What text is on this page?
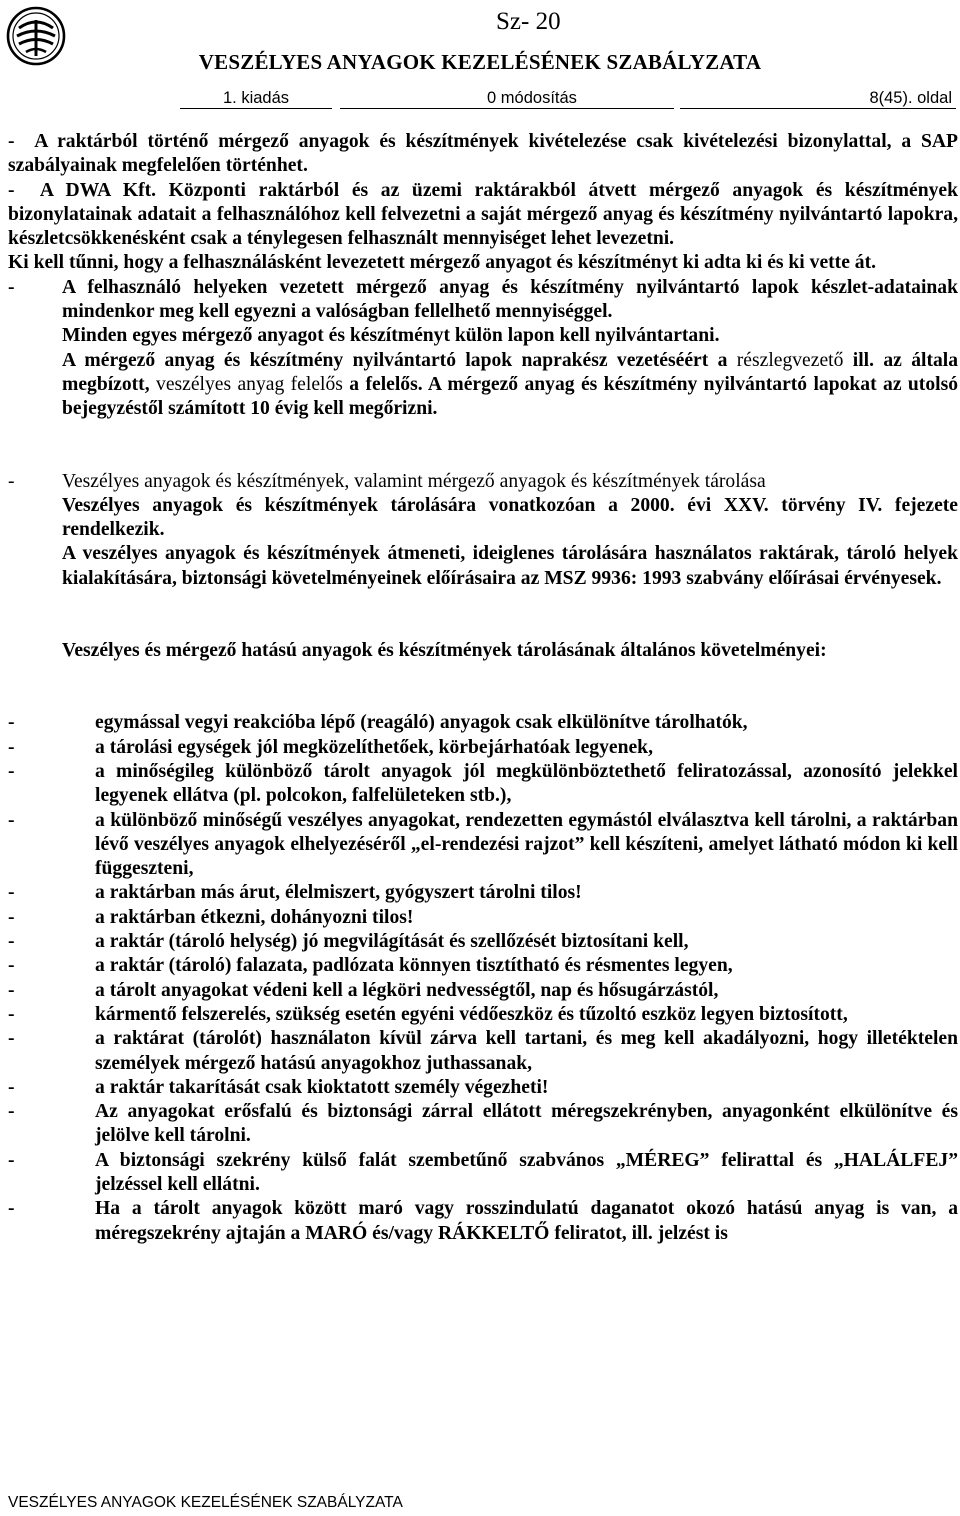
Sz- 20
VESZÉLYES ANYAGOK KEZELÉSÉNEK SZABÁLYZATA
1. kiadás	0 módosítás	8(45). oldal

-  A raktárból történő mérgező anyagok és készítmények kivételezése csak kivételezési bizonylattal, a SAP szabályainak megfelelően történhet.

-  A DWA Kft. Központi raktárból és az üzemi raktárakból átvett mérgező anyagok és készítmények bizonylatainak adatait a felhasználóhoz kell felvezetni a saját mérgező anyag és készítmény nyilvántartó lapokra, készletcsökkenésként csak a ténylegesen felhasznált mennyiséget lehet levezetni.

Ki kell tűnni, hogy a felhasználásként levezetett mérgező anyagot és készítményt ki adta ki és ki vette át.

- A felhasználó helyeken vezetett mérgező anyag és készítmény nyilvántartó lapok készlet-adatainak mindenkor meg kell egyezni a valóságban fellelhető mennyiséggel.

Minden egyes mérgező anyagot és készítményt külön lapon kell nyilvántartani.

A mérgező anyag és készítmény nyilvántartó lapok naprakész vezetéséért a részlegvezető ill. az általa megbízott, veszélyes anyag felelős a felelős. A mérgező anyag és készítmény nyilvántartó lapokat az utolsó bejegyzéstől számított 10 évig kell megőrizni.

- Veszélyes anyagok és készítmények, valamint mérgező anyagok és készítmények tárolása

Veszélyes anyagok és készítmények tárolására vonatkozóan a 2000. évi XXV. törvény IV. fejezete rendelkezik.

A veszélyes anyagok és készítmények átmeneti, ideiglenes tárolására használatos raktárak, tároló helyek kialakítására, biztonsági követelményeinek előírásaira az MSZ 9936: 1993 szabvány előírásai érvényesek.

Veszélyes és mérgező hatású anyagok és készítmények tárolásának általános követelményei:

-	egymással vegyi reakcióba lépő (reagáló) anyagok csak elkülönítve tárolhatók,

-	a tárolási egységek jól megközelíthetőek, körbejárhatóak legyenek,

-	a minőségileg különböző tárolt anyagok jól megkülönböztethető feliratozással, azonosító jelekkel legyenek ellátva (pl. polcokon, falfelületeken stb.),

-	a különböző minőségű veszélyes anyagokat, rendezetten egymástól elválasztva kell tárolni, a raktárban lévő veszélyes anyagok elhelyezéséről „el-rendezési rajzot” kell készíteni, amelyet látható módon ki kell függeszteni,

-	a raktárban más árut, élelmiszert, gyógyszert tárolni tilos!

-	a raktárban étkezni, dohányozni tilos!

-	a raktár (tároló helység) jó megvilágítását és szellőzését biztosítani kell,

-	a raktár (tároló) falazata, padlózata könnyen tisztítható és résmentes legyen,

-	a tárolt anyagokat védeni kell a légköri nedvességtől, nap és hősugárzástól,

-	kármentő felszerelés, szükség esetén egyéni védőeszköz és tűzoltó eszköz legyen biztosított,

-	a raktárat (tárolót) használaton kívül zárva kell tartani, és meg kell akadályozni, hogy illetéktelen személyek mérgező hatású anyagokhoz juthassanak,

-	a raktár takarítását csak kioktatott személy végezheti!

-	Az anyagokat erősfalú és biztonsági zárral ellátott méregszekrényben, anyagonként elkülönítve és jelölve kell tárolni.

-	A biztonsági szekrény külső falát szembetűnő szabvános „MÉREG” felirattal és „HALÁLFEJ” jelzéssel kell ellátni.

-	Ha a tárolt anyagok között maró vagy rosszindulatú daganatot okozó hatású anyag is van, a méregszekrény ajtaján a MARÓ és/vagy RÁKKELTŐ feliratot, ill. jelzést is

VESZÉLYES ANYAGOK KEZELÉSÉNEK SZABÁLYZATA
